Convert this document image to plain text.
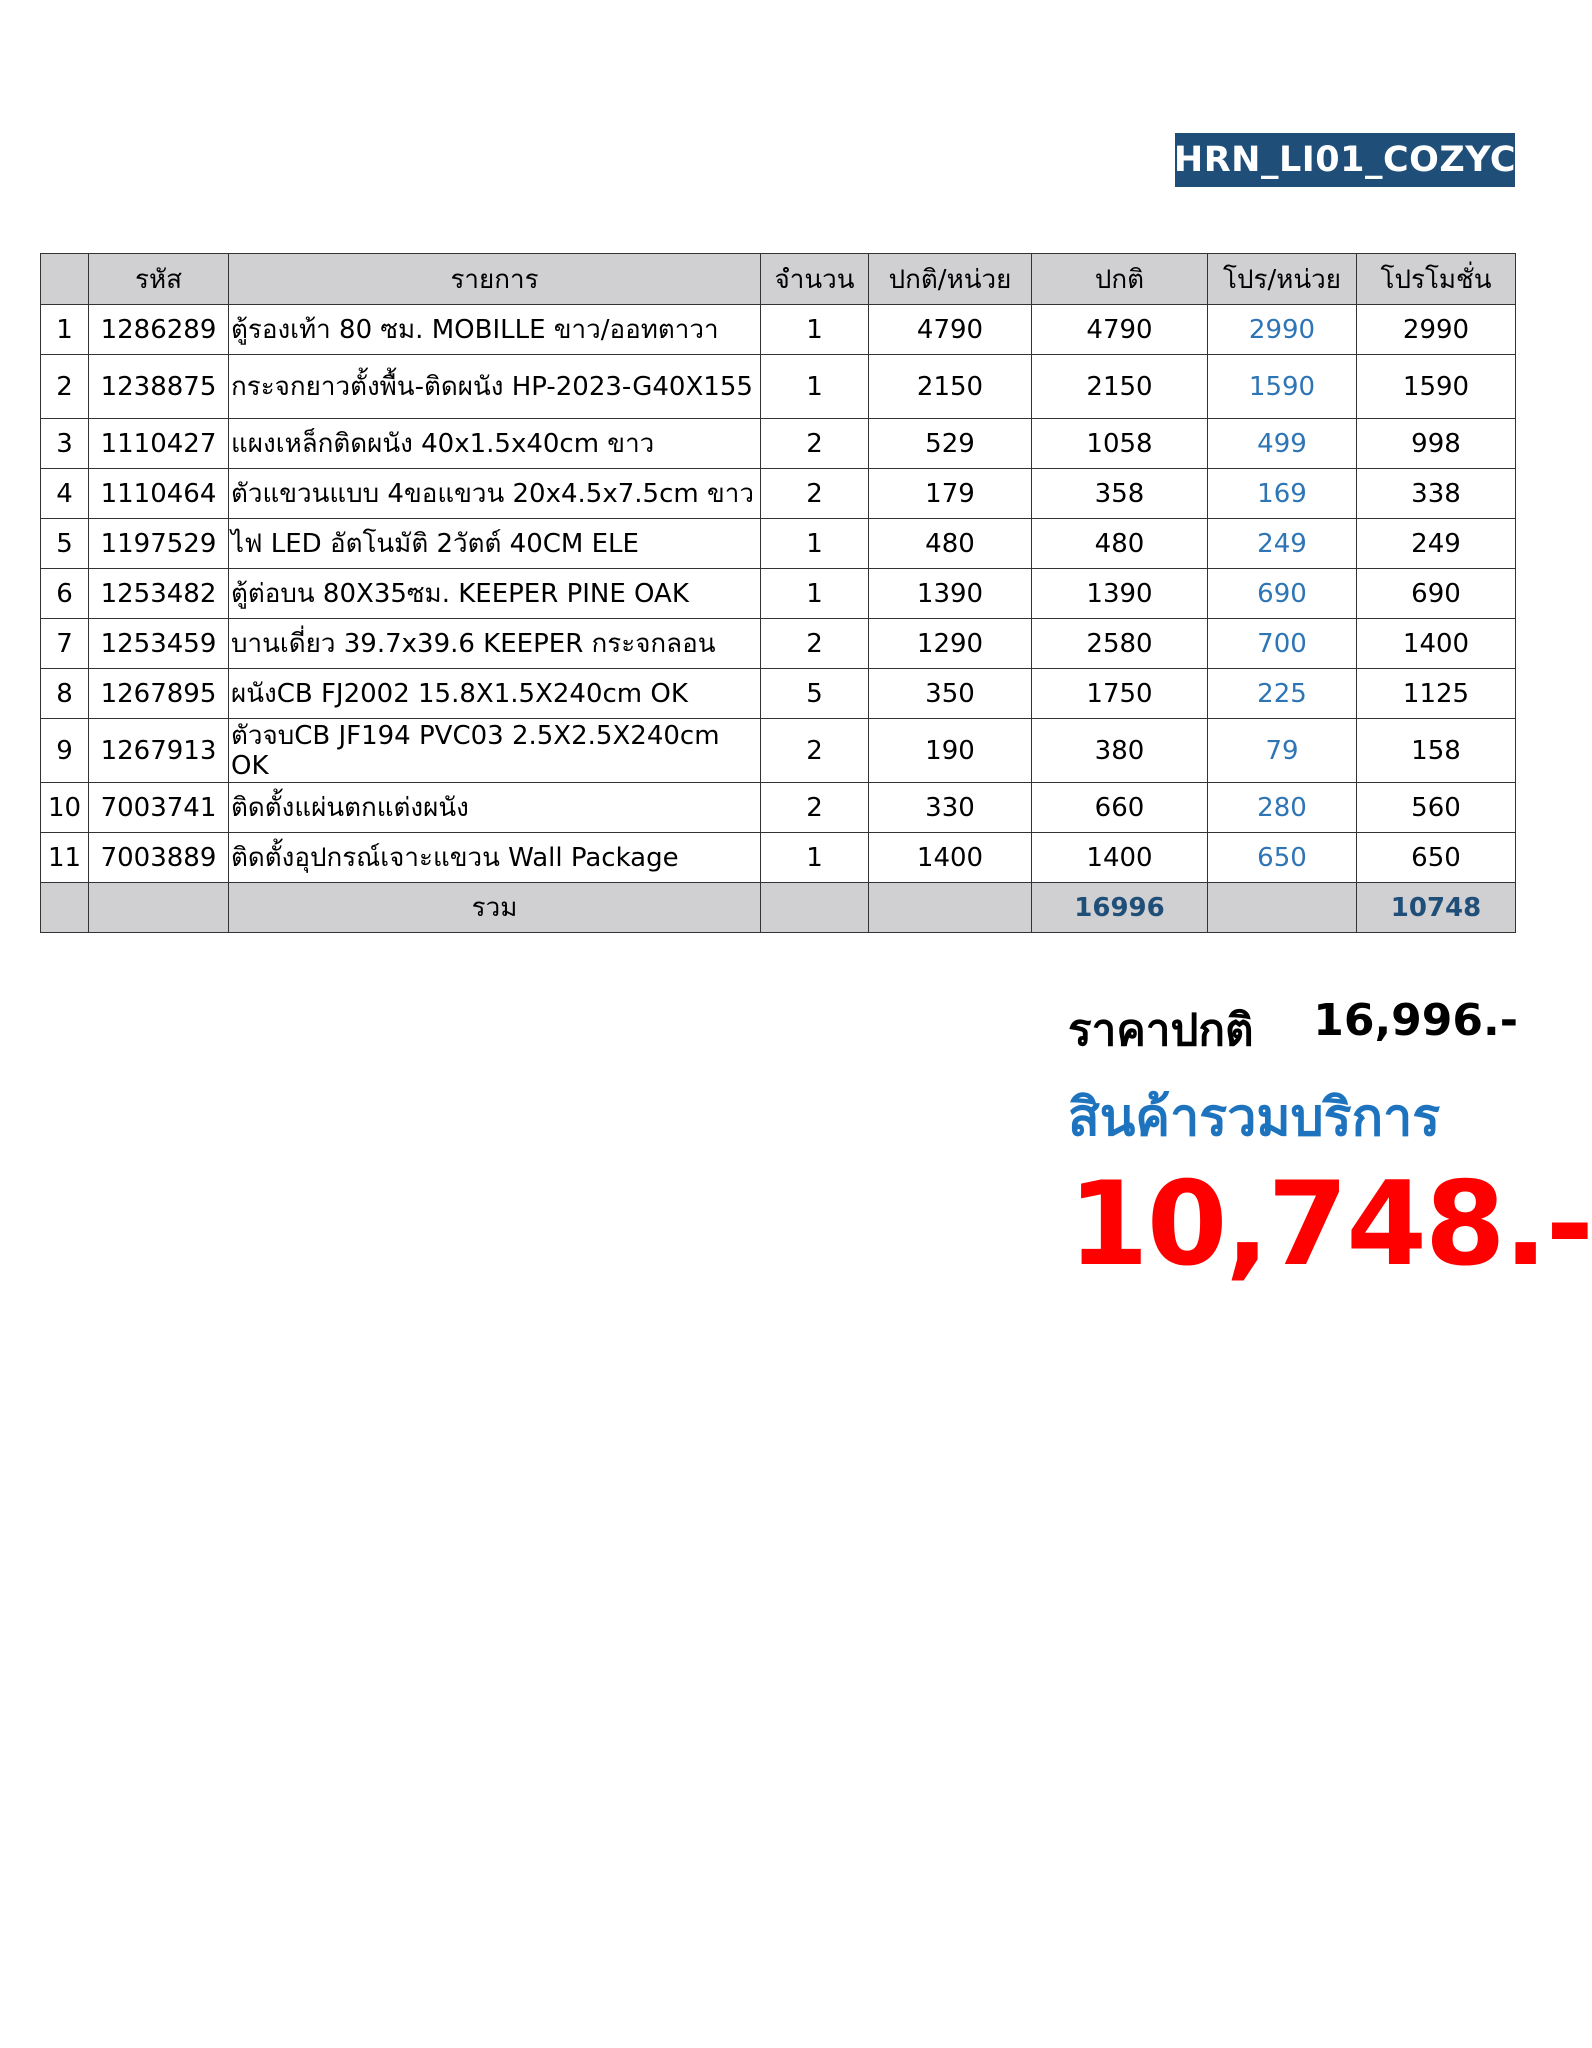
HRN_LI01_COZYC
	รหัส	รายการ	จำนวน	ปกติ/หน่วย	ปกติ	โปร/หน่วย	โปรโมชั่น
1	1286289	ตู้รองเท้า 80 ซม. MOBILLE ขาว/ออทตาวา	1	4790	4790	2990	2990
2	1238875	กระจกยาวตั้งพื้น-ติดผนัง HP-2023-G40X155	1	2150	2150	1590	1590
3	1110427	แผงเหล็กติดผนัง 40x1.5x40cm ขาว	2	529	1058	499	998
4	1110464	ตัวแขวนแบบ 4ขอแขวน 20x4.5x7.5cm ขาว	2	179	358	169	338
5	1197529	ไฟ LED อัตโนมัติ 2วัตต์ 40CM ELE	1	480	480	249	249
6	1253482	ตู้ต่อบน 80X35ซม. KEEPER PINE OAK	1	1390	1390	690	690
7	1253459	บานเดี่ยว 39.7x39.6 KEEPER กระจกลอน	2	1290	2580	700	1400
8	1267895	ผนังCB FJ2002 15.8X1.5X240cm OK	5	350	1750	225	1125
9	1267913	ตัวจบCB JF194 PVC03 2.5X2.5X240cm OK	2	190	380	79	158
10	7003741	ติดตั้งแผ่นตกแต่งผนัง	2	330	660	280	560
11	7003889	ติดตั้งอุปกรณ์เจาะแขวน Wall Package	1	1400	1400	650	650
		รวม			16996		10748
ราคาปกติ 16,996.-
สินค้ารวมบริการ
10,748.-
